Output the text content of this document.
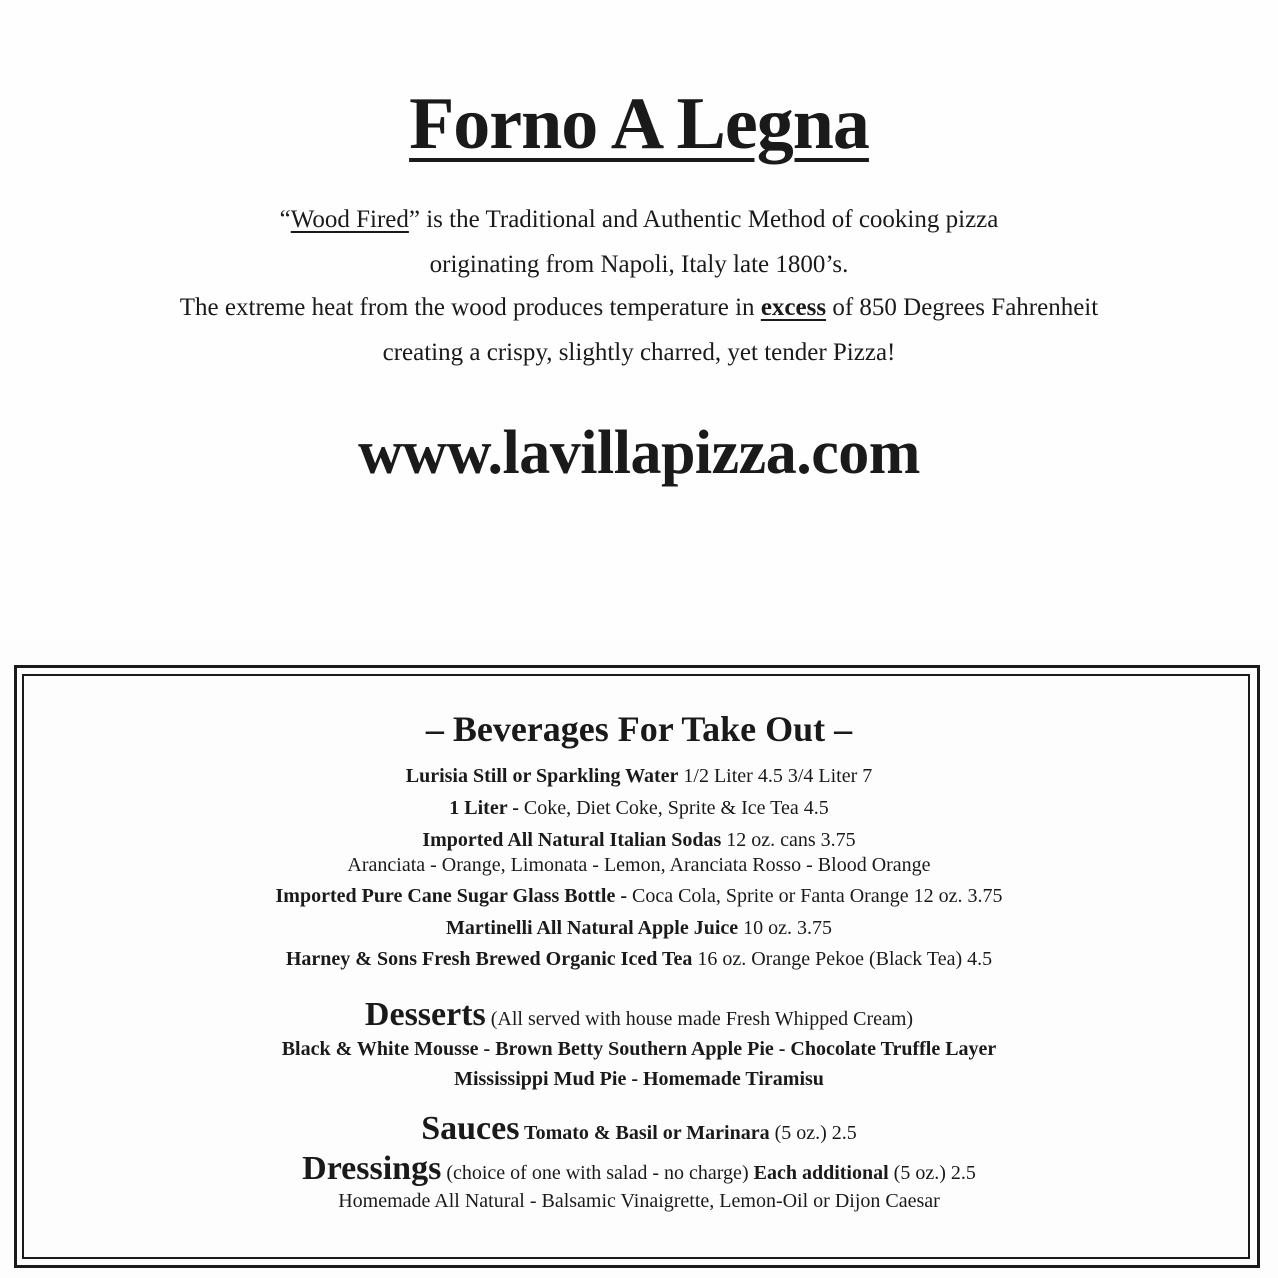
Forno A Legna
“Wood Fired” is the Traditional and Authentic Method of cooking pizza
originating from Napoli, Italy late 1800’s.
The extreme heat from the wood produces temperature in excess of 850 Degrees Fahrenheit
creating a crispy, slightly charred, yet tender Pizza!
www.lavillapizza.com
– Beverages For Take Out –
Lurisia Still or Sparkling Water 1/2 Liter 4.5 3/4 Liter 7
1 Liter - Coke, Diet Coke, Sprite & Ice Tea 4.5
Imported All Natural Italian Sodas 12 oz. cans 3.75
Aranciata - Orange, Limonata - Lemon, Aranciata Rosso - Blood Orange
Imported Pure Cane Sugar Glass Bottle - Coca Cola, Sprite or Fanta Orange 12 oz. 3.75
Martinelli All Natural Apple Juice 10 oz. 3.75
Harney & Sons Fresh Brewed Organic Iced Tea 16 oz. Orange Pekoe (Black Tea) 4.5
Desserts (All served with house made Fresh Whipped Cream)
Black & White Mousse - Brown Betty Southern Apple Pie - Chocolate Truffle Layer
Mississippi Mud Pie - Homemade Tiramisu
Sauces Tomato & Basil or Marinara (5 oz.) 2.5
Dressings (choice of one with salad - no charge) Each additional (5 oz.) 2.5
Homemade All Natural - Balsamic Vinaigrette, Lemon-Oil or Dijon Caesar
